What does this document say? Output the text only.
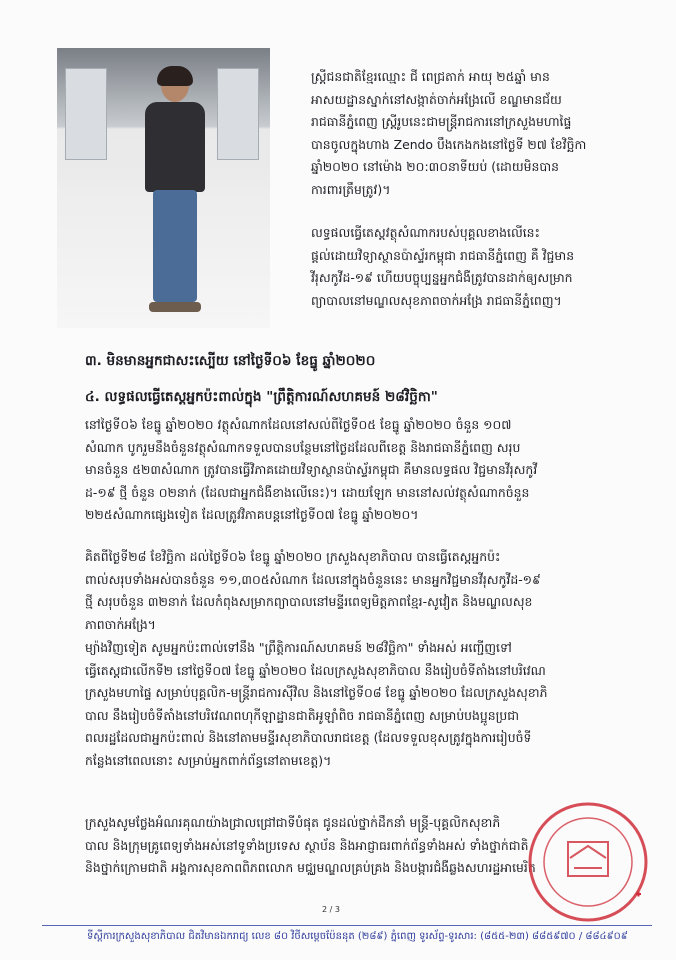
ស្ត្រីជនជាតិខ្មែរឈ្មោះ ជី ពេជ្រតាក់ អាយុ ២៥ឆ្នាំ មាន
អាសយដ្ឋានស្នាក់នៅសង្កាត់ចាក់អង្រែលើ ខណ្ឌមានជ័យ
រាជធានីភ្នំពេញ ស្ត្រីរូបនេះជាមន្ត្រីរាជការនៅក្រសួងមហាផ្ទៃ
បានចូលក្នុងហាង Zendo បឹងកេងកងនៅថ្ងៃទី ២៧ ខែវិច្ឆិកា
ឆ្នាំ២០២០ នៅម៉ោង ២០:៣០នាទីយប់ (ដោយមិនបាន
ការពារត្រឹមត្រូវ)។
លទ្ធផលធ្វើតេស្តវត្ថុសំណាករបស់បុគ្គលខាងលើនេះ
ផ្តល់ដោយវិទ្យាស្ថានប៉ាស្ទ័រកម្ពុជា រាជធានីភ្នំពេញ គឺ វិជ្ជមាន
វីរុសកូវីដ-១៩ ហើយបច្ចុប្បន្នអ្នកជំងឺត្រូវបានដាក់ឲ្យសម្រាក
ព្យាបាលនៅមណ្ឌលសុខភាពចាក់អង្រែ រាជធានីភ្នំពេញ។
៣. មិនមានអ្នកជាសះស្បើយ នៅថ្ងៃទី០៦ ខែធ្នូ ឆ្នាំ២០២០
៤. លទ្ធផលធ្វើតេស្តអ្នកប៉ះពាល់ក្នុង "ព្រឹត្តិការណ៍សហគមន៍ ២៨វិច្ឆិកា"
នៅថ្ងៃទី០៦ ខែធ្នូ ឆ្នាំ២០២០ វត្ថុសំណាកដែលនៅសល់ពីថ្ងៃទី០៥ ខែធ្នូ ឆ្នាំ២០២០ ចំនួន ១០៧
សំណាក បូករួមនឹងចំនួនវត្ថុសំណាកទទួលបានបន្ថែមនៅថ្ងៃដដែលពីខេត្ត និងរាជធានីភ្នំពេញ សរុប
មានចំនួន ៥២៣សំណាក ត្រូវបានធ្វើវិភាគដោយវិទ្យាស្ថានប៉ាស្ទ័រកម្ពុជា គឺមានលទ្ធផល វិជ្ជមានវីរុសកូវី
ដ-១៩ ថ្មី ចំនួន ០២នាក់ (ដែលជាអ្នកជំងឺខាងលើនេះ)។ ដោយឡែក មាននៅសល់វត្ថុសំណាកចំនួន
២២៥សំណាកផ្សេងទៀត ដែលត្រូវវិភាគបន្តនៅថ្ងៃទី០៧ ខែធ្នូ ឆ្នាំ២០២០។
គិតពីថ្ងៃទី២៨ ខែវិច្ឆិកា ដល់ថ្ងៃទី០៦ ខែធ្នូ ឆ្នាំ២០២០ ក្រសួងសុខាភិបាល បានធ្វើតេស្តអ្នកប៉ះ
ពាល់សរុបទាំងអស់បានចំនួន ១១,៣០៥សំណាក ដែលនៅក្នុងចំនួននេះ មានអ្នកវិជ្ជមានវីរុសកូវីដ-១៩
ថ្មី សរុបចំនួន ៣២នាក់ ដែលកំពុងសម្រាកព្យាបាលនៅមន្ទីរពេទ្យមិត្តភាពខ្មែរ-សូវៀត និងមណ្ឌលសុខ
ភាពចាក់អង្រែ។
ម្យ៉ាងវិញទៀត សូមអ្នកប៉ះពាល់ទៅនឹង "ព្រឹត្តិការណ៍សហគមន៍ ២៨វិច្ឆិកា" ទាំងអស់ អញ្ជើញទៅ
ធ្វើតេស្តជាលើកទី២ នៅថ្ងៃទី០៧ ខែធ្នូ ឆ្នាំ២០២០ ដែលក្រសួងសុខាភិបាល នឹងរៀបចំទីតាំងនៅបរិវេណ
ក្រសួងមហាផ្ទៃ សម្រាប់បុគ្គលិក-មន្ត្រីរាជការស៊ីវិល និងនៅថ្ងៃទី០៨ ខែធ្នូ ឆ្នាំ២០២០ ដែលក្រសួងសុខាភិ
បាល នឹងរៀបចំទីតាំងនៅបរិវេណពហុកីឡាដ្ឋានជាតិអូឡាំពិច រាជធានីភ្នំពេញ សម្រាប់បងប្អូនប្រជា
ពលរដ្ឋដែលជាអ្នកប៉ះពាល់ និងនៅតាមមន្ទីរសុខាភិបាលរាជខេត្ត (ដែលទទួលខុសត្រូវក្នុងការរៀបចំទី
កន្លែងនៅពេលនោះ សម្រាប់អ្នកពាក់ព័ន្ធនៅតាមខេត្ត)។
ក្រសួងសូមថ្លែងអំណរគុណយ៉ាងជ្រាលជ្រៅជាទីបំផុត ជូនដល់ថ្នាក់ដឹកនាំ មន្ត្រី-បុគ្គលិកសុខាភិ
បាល និងក្រុមគ្រូពេទ្យទាំងអស់នៅទូទាំងប្រទេស ស្ថាប័ន និងអាជ្ញាធរពាក់ព័ន្ធទាំងអស់ ទាំងថ្នាក់ជាតិ
និងថ្នាក់ក្រោមជាតិ អង្គការសុខភាពពិភពលោក មជ្ឈមណ្ឌលគ្រប់គ្រង និងបង្ការជំងឺឆ្លងសហរដ្ឋអាមេរិក
2 / 3
ទីស្តីការក្រសួងសុខាភិបាល ជិតវិមានឯករាជ្យ លេខ ៨០ វិថីសម្តេចប៉ែននុត (២៨៩) ភ្នំពេញ ទូរស័ព្ទ-ទូរសារ: (៨៥៥-២៣) ៨៨៥៩៧០ / ៨៨៤៩០៩
